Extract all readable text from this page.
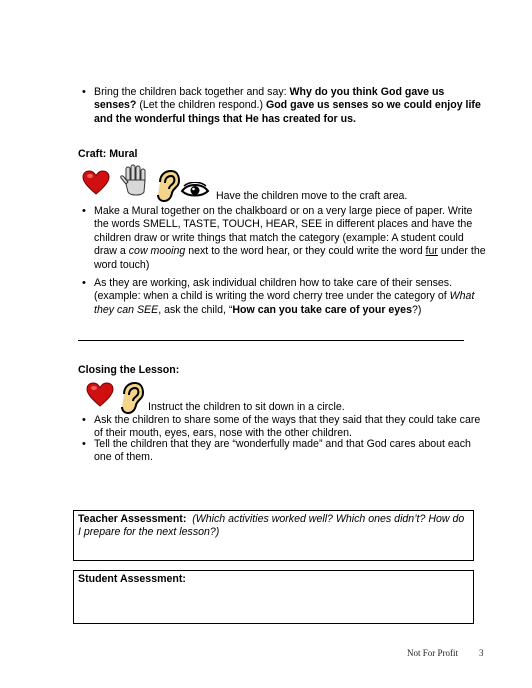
• Bring the children back together and say: Why do you think God gave us senses? (Let the children respond.) God gave us senses so we could enjoy life and the wonderful things that He has created for us.
Craft: Mural
Have the children move to the craft area.
• Make a Mural together on the chalkboard or on a very large piece of paper. Write the words SMELL, TASTE, TOUCH, HEAR, SEE in different places and have the children draw or write things that match the category (example: A student could draw a cow mooing next to the word hear, or they could write the word fur under the word touch)
• As they are working, ask individual children how to take care of their senses. (example: when a child is writing the word cherry tree under the category of What they can SEE, ask the child, “How can you take care of your eyes?)
Closing the Lesson:
Instruct the children to sit down in a circle.
• Ask the children to share some of the ways that they said that they could take care of their mouth, eyes, ears, nose with the other children.
• Tell the children that they are “wonderfully made” and that God cares about each one of them.
Teacher Assessment: (Which activities worked well? Which ones didn’t? How do I prepare for the next lesson?)
Student Assessment:
Not For Profit 3
